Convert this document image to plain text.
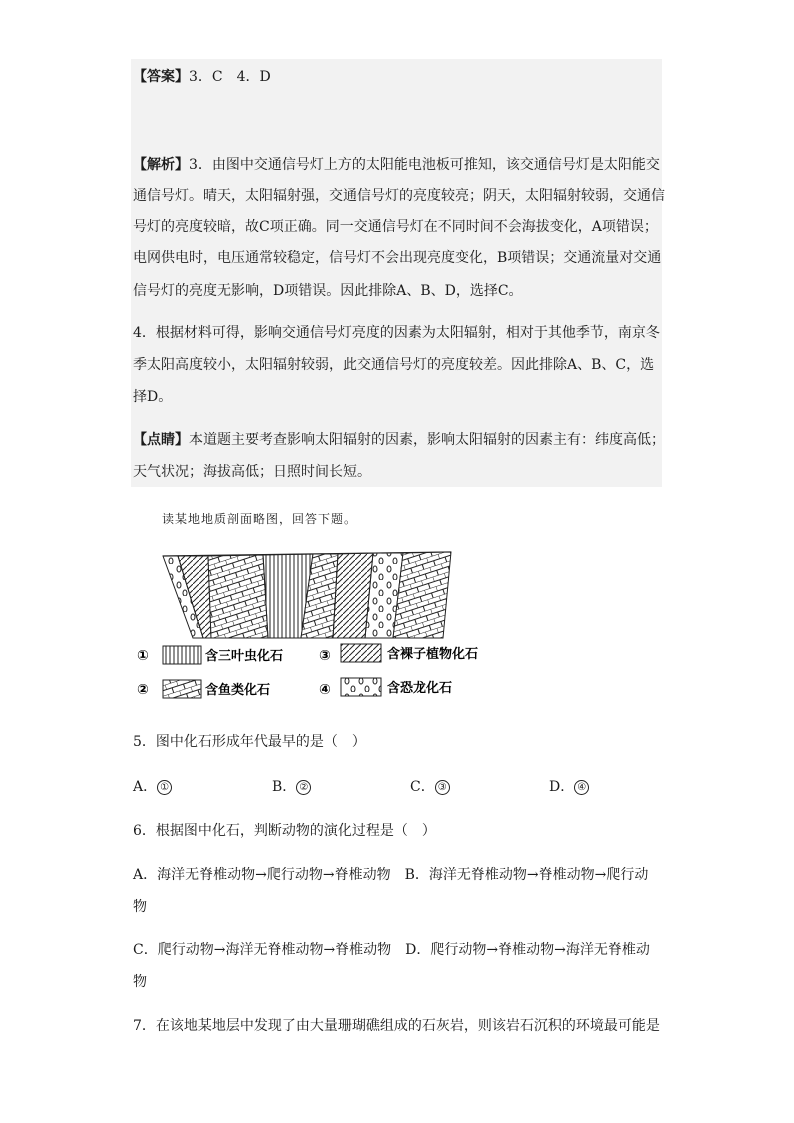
【答案】3．C　4．D
【解析】3．由图中交通信号灯上方的太阳能电池板可推知，该交通信号灯是太阳能交
通信号灯。晴天，太阳辐射强，交通信号灯的亮度较亮；阴天，太阳辐射较弱，交通信
号灯的亮度较暗，故C项正确。同一交通信号灯在不同时间不会海拔变化，A项错误；
电网供电时，电压通常较稳定，信号灯不会出现亮度变化，B项错误；交通流量对交通
信号灯的亮度无影响，D项错误。因此排除A、B、D，选择C。
4．根据材料可得，影响交通信号灯亮度的因素为太阳辐射，相对于其他季节，南京冬
季太阳高度较小，太阳辐射较弱，此交通信号灯的亮度较差。因此排除A、B、C，选
择D。
【点睛】本道题主要考查影响太阳辐射的因素，影响太阳辐射的因素主有：纬度高低；
天气状况；海拔高低；日照时间长短。
读某地地质剖面略图，回答下题。
①	含三叶虫化石	③	含裸子植物化石
②	含鱼类化石	④	含恐龙化石
5．图中化石形成年代最早的是（　）
A． ①	B． ②	C． ③	D． ④
6．根据图中化石，判断动物的演化过程是（　）
A．海洋无脊椎动物→爬行动物→脊椎动物　B．海洋无脊椎动物→脊椎动物→爬行动
物
C．爬行动物→海洋无脊椎动物→脊椎动物　D．爬行动物→脊椎动物→海洋无脊椎动
物
7．在该地某地层中发现了由大量珊瑚礁组成的石灰岩，则该岩石沉积的环境最可能是
